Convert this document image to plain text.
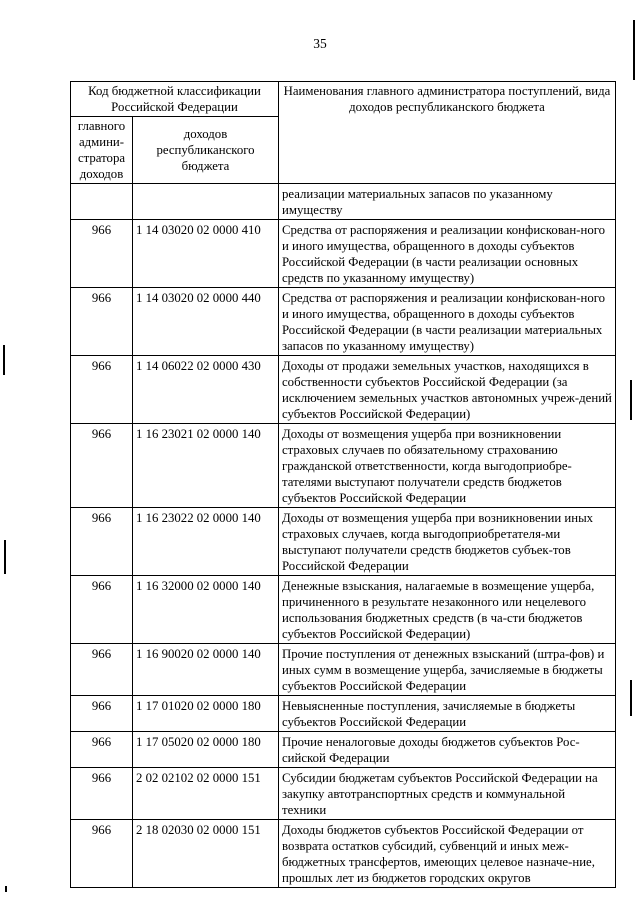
35
Код бюджетной классификации Российской Федерации		Наименования главного администратора поступлений, вида доходов республиканского бюджета
главного админи- стратора доходов	доходов республиканского бюджета	
		реализации материальных запасов по указанному имуществу
966	1 14 03020 02 0000 410	Средства от распоряжения и реализации конфискован-ного и иного имущества, обращенного в доходы субъектов Российской Федерации (в части реализации основных средств по указанному имуществу)
966	1 14 03020 02 0000 440	Средства от распоряжения и реализации конфискован-ного и иного имущества, обращенного в доходы субъектов Российской Федерации (в части реализации материальных запасов по указанному имуществу)
966	1 14 06022 02 0000 430	Доходы от продажи земельных участков, находящихся в собственности субъектов Российской Федерации (за исключением земельных участков автономных учреж-дений субъектов Российской Федерации)
966	1 16 23021 02 0000 140	Доходы от возмещения ущерба при возникновении страховых случаев по обязательному страхованию гражданской ответственности, когда выгодоприобре-тателями выступают получатели средств бюджетов субъектов Российской Федерации
966	1 16 23022 02 0000 140	Доходы от возмещения ущерба при возникновении иных страховых случаев, когда выгодоприобретателя-ми выступают получатели средств бюджетов субъек-тов Российской Федерации
966	1 16 32000 02 0000 140	Денежные взыскания, налагаемые в возмещение ущерба, причиненного в результате незаконного или нецелевого использования бюджетных средств (в ча-сти бюджетов субъектов Российской Федерации)
966	1 16 90020 02 0000 140	Прочие поступления от денежных взысканий (штра-фов) и иных сумм в возмещение ущерба, зачисляемые в бюджеты субъектов Российской Федерации
966	1 17 01020 02 0000 180	Невыясненные поступления, зачисляемые в бюджеты субъектов Российской Федерации
966	1 17 05020 02 0000 180	Прочие неналоговые доходы бюджетов субъектов Рос-сийской Федерации
966	2 02 02102 02 0000 151	Субсидии бюджетам субъектов Российской Федерации на закупку автотранспортных средств и коммунальной техники
966	2 18 02030 02 0000 151	Доходы бюджетов субъектов Российской Федерации от возврата остатков субсидий, субвенций и иных меж-бюджетных трансфертов, имеющих целевое назначе-ние, прошлых лет из бюджетов городских округов
